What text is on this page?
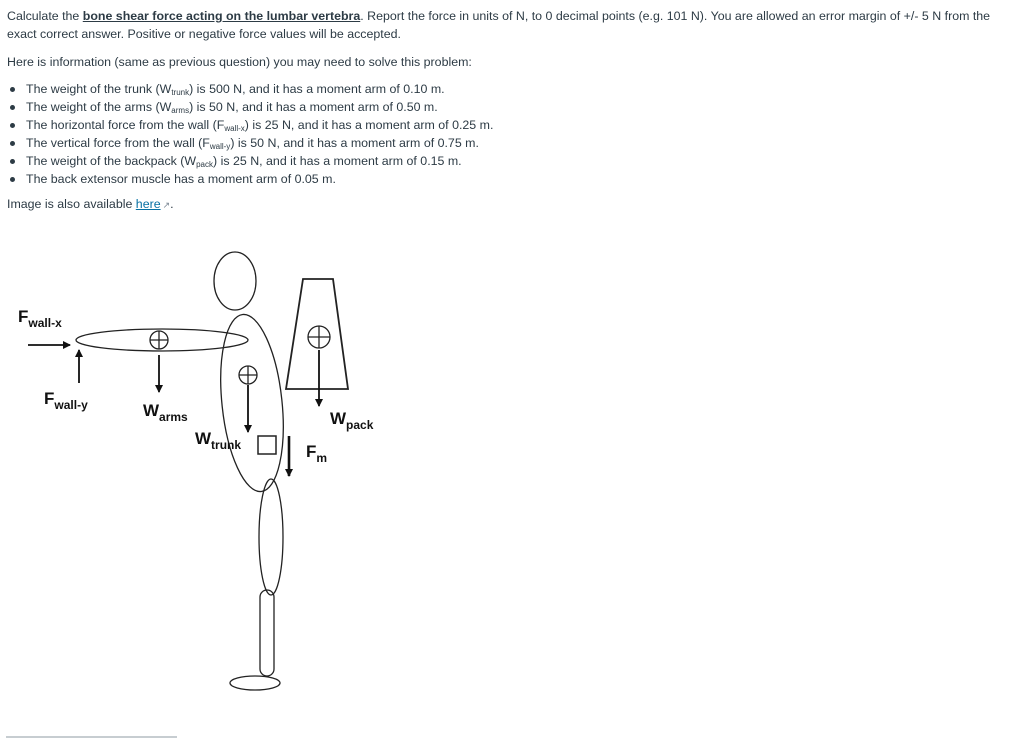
Calculate the bone shear force acting on the lumbar vertebra. Report the force in units of N, to 0 decimal points (e.g. 101 N). You are allowed an error margin of +/- 5 N from the exact correct answer. Positive or negative force values will be accepted.

Here is information (same as previous question) you may need to solve this problem:

The weight of the trunk $(W_{trunk})$ is 500 N, and it has a moment arm of 0.10 m.
The weight of the arms $(W_{arms})$ is 50 N, and it has a moment arm of 0.50 m.
The horizontal force from the wall $(F_{wall-x})$ is 25 N, and it has a moment arm of 0.25 m.
The vertical force from the wall $(F_{wall-y})$ is 50 N, and it has a moment arm of 0.75 m.
The weight of the backpack $(W_{pack})$ is 25 N, and it has a moment arm of 0.15 m.
The back extensor muscle has a moment arm of 0.05 m.

Image is also available here ↗.

$F_{wall-x}$
$F_{wall-y}$	$W_{arms}$
$W_{trunk}$
$W_{pack}$
$F_m$
